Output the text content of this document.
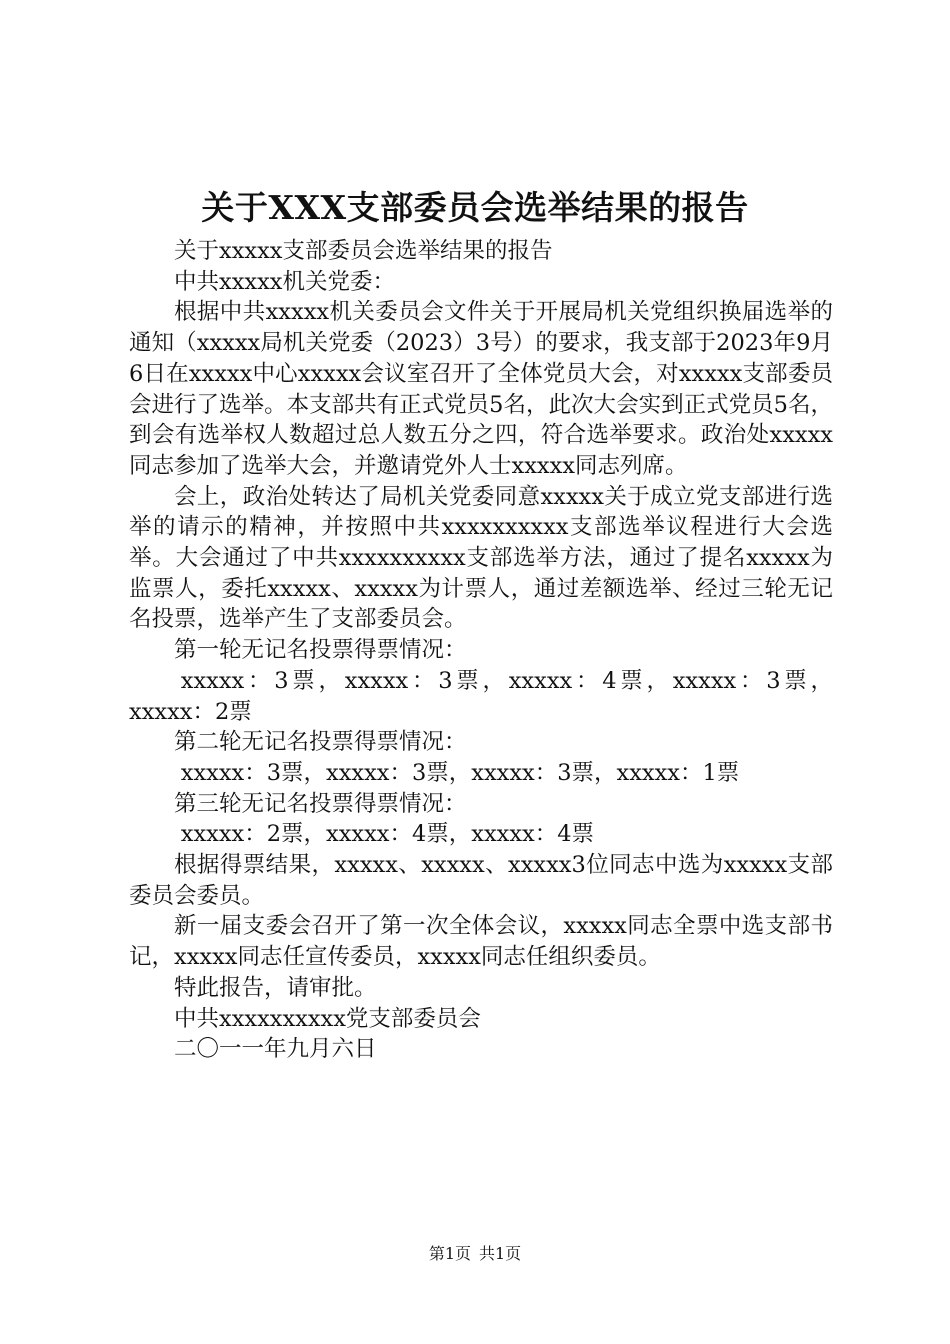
关于XXX支部委员会选举结果的报告

关于xxxxx支部委员会选举结果的报告

中共xxxxx机关党委：

根据中共xxxxx机关委员会文件关于开展局机关党组织换届选举的通知（xxxxx局机关党委（2023）3号）的要求，我支部于2023年9月6日在xxxxx中心xxxxx会议室召开了全体党员大会，对xxxxx支部委员会进行了选举。本支部共有正式党员5名，此次大会实到正式党员5名，到会有选举权人数超过总人数五分之四，符合选举要求。政治处xxxxx同志参加了选举大会，并邀请党外人士xxxxx同志列席。

会上，政治处转达了局机关党委同意xxxxx关于成立党支部进行选举的请示的精神，并按照中共xxxxxxxxxx支部选举议程进行大会选举。大会通过了中共xxxxxxxxxx支部选举方法，通过了提名xxxxx为监票人，委托xxxxx、xxxxx为计票人，通过差额选举、经过三轮无记名投票，选举产生了支部委员会。

第一轮无记名投票得票情况：

xxxxx：3票，xxxxx：3票，xxxxx：4票，xxxxx：3票，xxxxx：2票

第二轮无记名投票得票情况：

xxxxx：3票，xxxxx：3票，xxxxx：3票，xxxxx：1票

第三轮无记名投票得票情况：

xxxxx：2票，xxxxx：4票，xxxxx：4票

根据得票结果，xxxxx、xxxxx、xxxxx3位同志中选为xxxxx支部委员会委员。

新一届支委会召开了第一次全体会议，xxxxx同志全票中选支部书记，xxxxx同志任宣传委员，xxxxx同志任组织委员。

特此报告，请审批。

中共xxxxxxxxxx党支部委员会

二〇一一年九月六日

第1页 共1页
